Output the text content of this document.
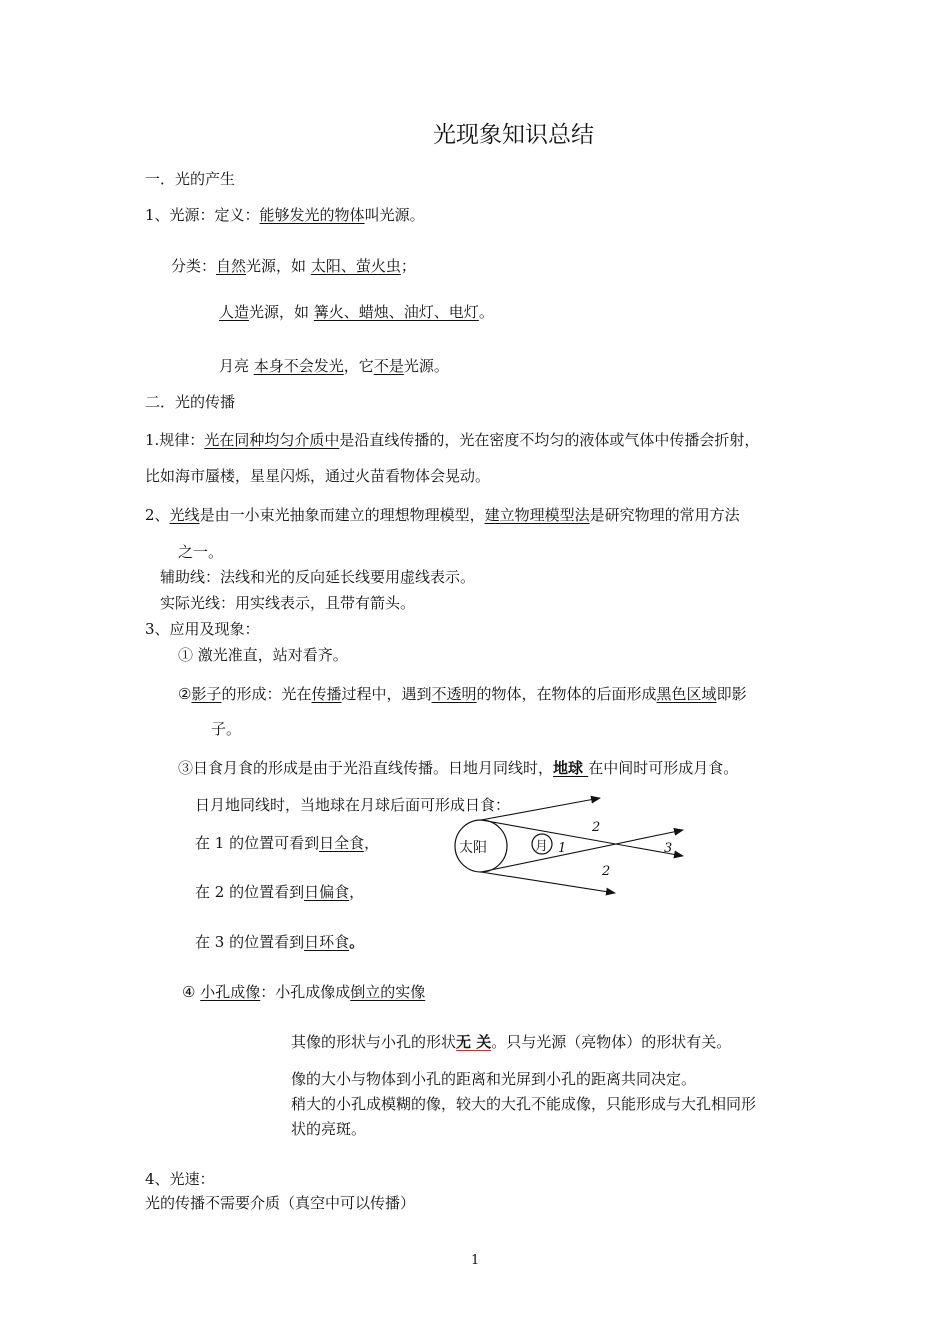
光现象知识总结
一．光的产生
1、光源：定义：能够发光的物体叫光源。
分类：自然光源，如 太阳、萤火虫；
人造光源，如 篝火、蜡烛、油灯、电灯。
月亮 本身不会发光，它不是光源。
二．光的传播
1.规律：光在同种均匀介质中是沿直线传播的，光在密度不均匀的液体或气体中传播会折射，
比如海市蜃楼，星星闪烁，通过火苗看物体会晃动。
2、光线是由一小束光抽象而建立的理想物理模型，建立物理模型法是研究物理的常用方法
之一。
辅助线：法线和光的反向延长线要用虚线表示。
实际光线：用实线表示，且带有箭头。
3、应用及现象：
① 激光准直，站对看齐。
②影子的形成：光在传播过程中，遇到不透明的物体，在物体的后面形成黑色区域即影
子。
③日食月食的形成是由于光沿直线传播。日地月同线时，地球 在中间时可形成月食。
日月地同线时，当地球在月球后面可形成日食：
在 1 的位置可看到日全食，
在 2 的位置看到日偏食，
在 3 的位置看到日环食。
太阳	月 1
2
2
3
④ 小孔成像：小孔成像成倒立的实像
其像的形状与小孔的形状无 关。只与光源（亮物体）的形状有关。
像的大小与物体到小孔的距离和光屏到小孔的距离共同决定。
稍大的小孔成模糊的像，较大的大孔不能成像，只能形成与大孔相同形
状的亮斑。
4、光速：
光的传播不需要介质（真空中可以传播）
1
